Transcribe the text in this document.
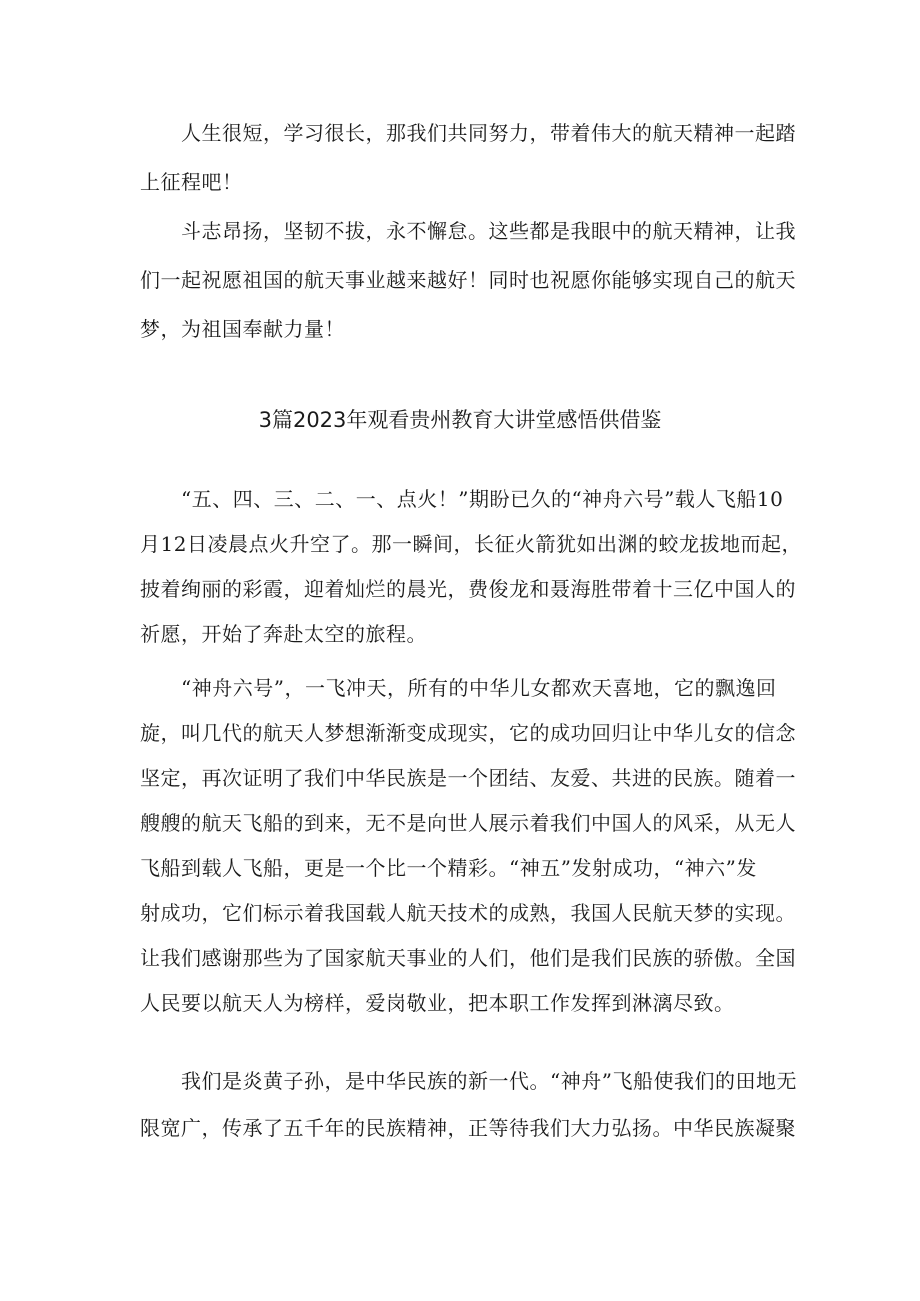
　　人生很短，学习很长，那我们共同努力，带着伟大的航天精神一起踏
上征程吧！
　　斗志昂扬，坚韧不拔，永不懈怠。这些都是我眼中的航天精神，让我
们一起祝愿祖国的航天事业越来越好！同时也祝愿你能够实现自己的航天
梦，为祖国奉献力量！
3篇2023年观看贵州教育大讲堂感悟供借鉴
　　“五、四、三、二、一、点火！”期盼已久的“神舟六号”载人飞船10
月12日凌晨点火升空了。那一瞬间，长征火箭犹如出渊的蛟龙拔地而起，
披着绚丽的彩霞，迎着灿烂的晨光，费俊龙和聂海胜带着十三亿中国人的
祈愿，开始了奔赴太空的旅程。
　　“神舟六号”，一飞冲天，所有的中华儿女都欢天喜地，它的飘逸回
旋，叫几代的航天人梦想渐渐变成现实，它的成功回归让中华儿女的信念
坚定，再次证明了我们中华民族是一个团结、友爱、共进的民族。随着一
艘艘的航天飞船的到来，无不是向世人展示着我们中国人的风采，从无人
飞船到载人飞船，更是一个比一个精彩。“神五”发射成功，“神六”发
射成功，它们标示着我国载人航天技术的成熟，我国人民航天梦的实现。
让我们感谢那些为了国家航天事业的人们，他们是我们民族的骄傲。全国
人民要以航天人为榜样，爱岗敬业，把本职工作发挥到淋漓尽致。
　　我们是炎黄子孙，是中华民族的新一代。“神舟”飞船使我们的田地无
限宽广，传承了五千年的民族精神，正等待我们大力弘扬。中华民族凝聚
